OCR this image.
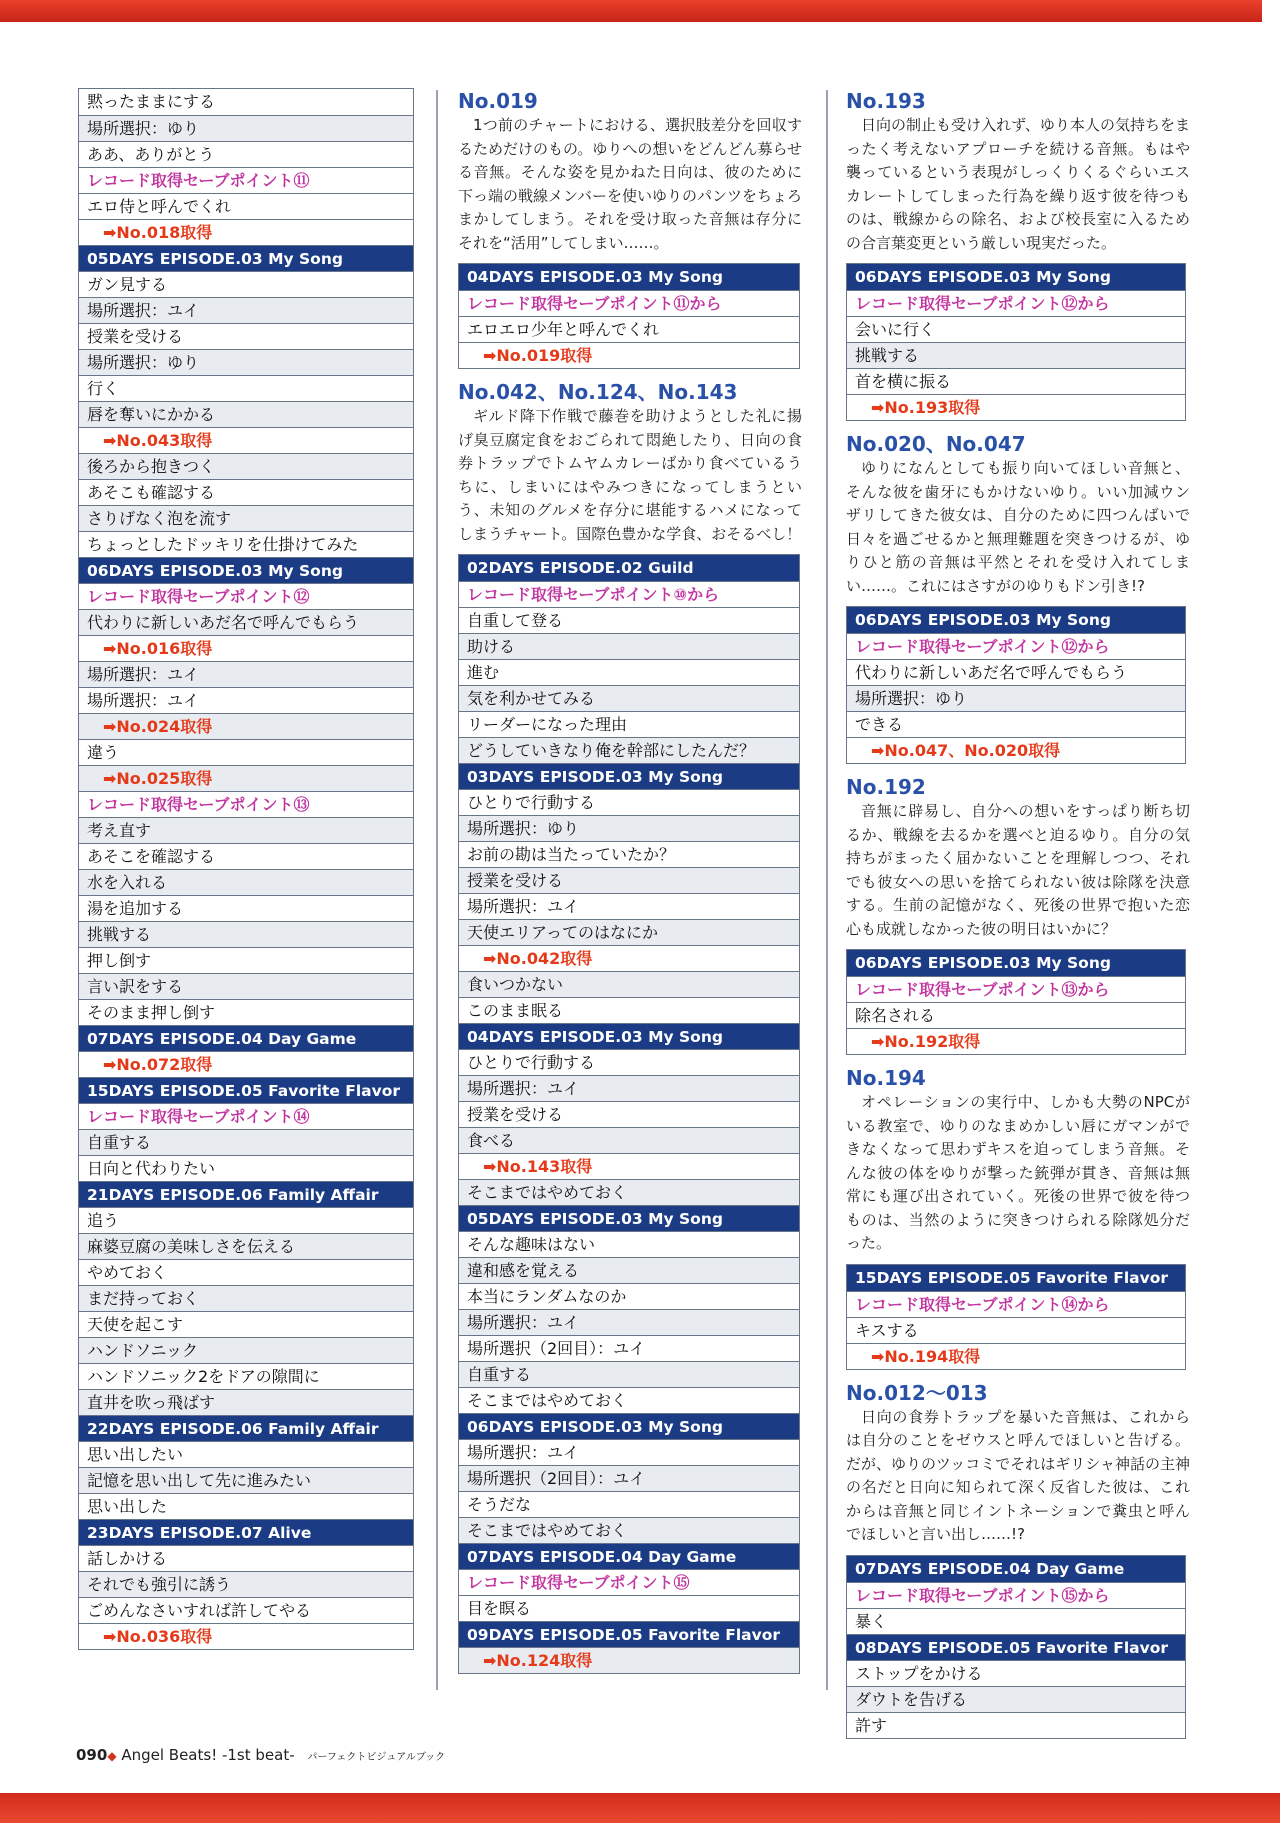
黙ったままにする
場所選択：ゆり
ああ、ありがとう
レコード取得セーブポイント⑪
エロ侍と呼んでくれ
➡No.018取得
05DAYS EPISODE.03 My Song
ガン見する
場所選択：ユイ
授業を受ける
場所選択：ゆり
行く
唇を奪いにかかる
➡No.043取得
後ろから抱きつく
あそこも確認する
さりげなく泡を流す
ちょっとしたドッキリを仕掛けてみた
06DAYS EPISODE.03 My Song
レコード取得セーブポイント⑫
代わりに新しいあだ名で呼んでもらう
➡No.016取得
場所選択：ユイ
場所選択：ユイ
➡No.024取得
違う
➡No.025取得
レコード取得セーブポイント⑬
考え直す
あそこを確認する
水を入れる
湯を追加する
挑戦する
押し倒す
言い訳をする
そのまま押し倒す
07DAYS EPISODE.04 Day Game
➡No.072取得
15DAYS EPISODE.05 Favorite Flavor
レコード取得セーブポイント⑭
自重する
日向と代わりたい
21DAYS EPISODE.06 Family Affair
追う
麻婆豆腐の美味しさを伝える
やめておく
まだ持っておく
天使を起こす
ハンドソニック
ハンドソニック2をドアの隙間に
直井を吹っ飛ばす
22DAYS EPISODE.06 Family Affair
思い出したい
記憶を思い出して先に進みたい
思い出した
23DAYS EPISODE.07 Alive
話しかける
それでも強引に誘う
ごめんなさいすれば許してやる
➡No.036取得
No.019
1つ前のチャートにおける、選択肢差分を回収するためだけのもの。ゆりへの想いをどんどん募らせる音無。そんな姿を見かねた日向は、彼のために下っ端の戦線メンバーを使いゆりのパンツをちょろまかしてしまう。それを受け取った音無は存分にそれを“活用”してしまい……。
04DAYS EPISODE.03 My Song
レコード取得セーブポイント⑪から
エロエロ少年と呼んでくれ
➡No.019取得
No.042、No.124、No.143
ギルド降下作戦で藤巻を助けようとした礼に揚げ臭豆腐定食をおごられて悶絶したり、日向の食券トラップでトムヤムカレーばかり食べているうちに、しまいにはやみつきになってしまうという、未知のグルメを存分に堪能するハメになってしまうチャート。国際色豊かな学食、おそるべし！
02DAYS EPISODE.02 Guild
レコード取得セーブポイント⑩から
自重して登る
助ける
進む
気を利かせてみる
リーダーになった理由
どうしていきなり俺を幹部にしたんだ？
03DAYS EPISODE.03 My Song
ひとりで行動する
場所選択：ゆり
お前の勘は当たっていたか？
授業を受ける
場所選択：ユイ
天使エリアってのはなにか
➡No.042取得
食いつかない
このまま眠る
04DAYS EPISODE.03 My Song
ひとりで行動する
場所選択：ユイ
授業を受ける
食べる
➡No.143取得
そこまではやめておく
05DAYS EPISODE.03 My Song
そんな趣味はない
違和感を覚える
本当にランダムなのか
場所選択：ユイ
場所選択（2回目）：ユイ
自重する
そこまではやめておく
06DAYS EPISODE.03 My Song
場所選択：ユイ
場所選択（2回目）：ユイ
そうだな
そこまではやめておく
07DAYS EPISODE.04 Day Game
レコード取得セーブポイント⑮
目を瞑る
09DAYS EPISODE.05 Favorite Flavor
➡No.124取得
No.193
日向の制止も受け入れず、ゆり本人の気持ちをまったく考えないアプローチを続ける音無。もはや襲っているという表現がしっくりくるぐらいエスカレートしてしまった行為を繰り返す彼を待つものは、戦線からの除名、および校長室に入るための合言葉変更という厳しい現実だった。
06DAYS EPISODE.03 My Song
レコード取得セーブポイント⑫から
会いに行く
挑戦する
首を横に振る
➡No.193取得
No.020、No.047
ゆりになんとしても振り向いてほしい音無と、そんな彼を歯牙にもかけないゆり。いい加減ウンザリしてきた彼女は、自分のために四つんばいで日々を過ごせるかと無理難題を突きつけるが、ゆりひと筋の音無は平然とそれを受け入れてしまい……。これにはさすがのゆりもドン引き!?
06DAYS EPISODE.03 My Song
レコード取得セーブポイント⑫から
代わりに新しいあだ名で呼んでもらう
場所選択：ゆり
できる
➡No.047、No.020取得
No.192
音無に辟易し、自分への想いをすっぱり断ち切るか、戦線を去るかを選べと迫るゆり。自分の気持ちがまったく届かないことを理解しつつ、それでも彼女への思いを捨てられない彼は除隊を決意する。生前の記憶がなく、死後の世界で抱いた恋心も成就しなかった彼の明日はいかに？
06DAYS EPISODE.03 My Song
レコード取得セーブポイント⑬から
除名される
➡No.192取得
No.194
オペレーションの実行中、しかも大勢のNPCがいる教室で、ゆりのなまめかしい唇にガマンができなくなって思わずキスを迫ってしまう音無。そんな彼の体をゆりが撃った銃弾が貫き、音無は無常にも運び出されていく。死後の世界で彼を待つものは、当然のように突きつけられる除隊処分だった。
15DAYS EPISODE.05 Favorite Flavor
レコード取得セーブポイント⑭から
キスする
➡No.194取得
No.012〜013
日向の食券トラップを暴いた音無は、これからは自分のことをゼウスと呼んでほしいと告げる。だが、ゆりのツッコミでそれはギリシャ神話の主神の名だと日向に知られて深く反省した彼は、これからは音無と同じイントネーションで糞虫と呼んでほしいと言い出し……!?
07DAYS EPISODE.04 Day Game
レコード取得セーブポイント⑮から
暴く
08DAYS EPISODE.05 Favorite Flavor
ストップをかける
ダウトを告げる
許す
090◆ Angel Beats! -1st beat- パーフェクトビジュアルブック
